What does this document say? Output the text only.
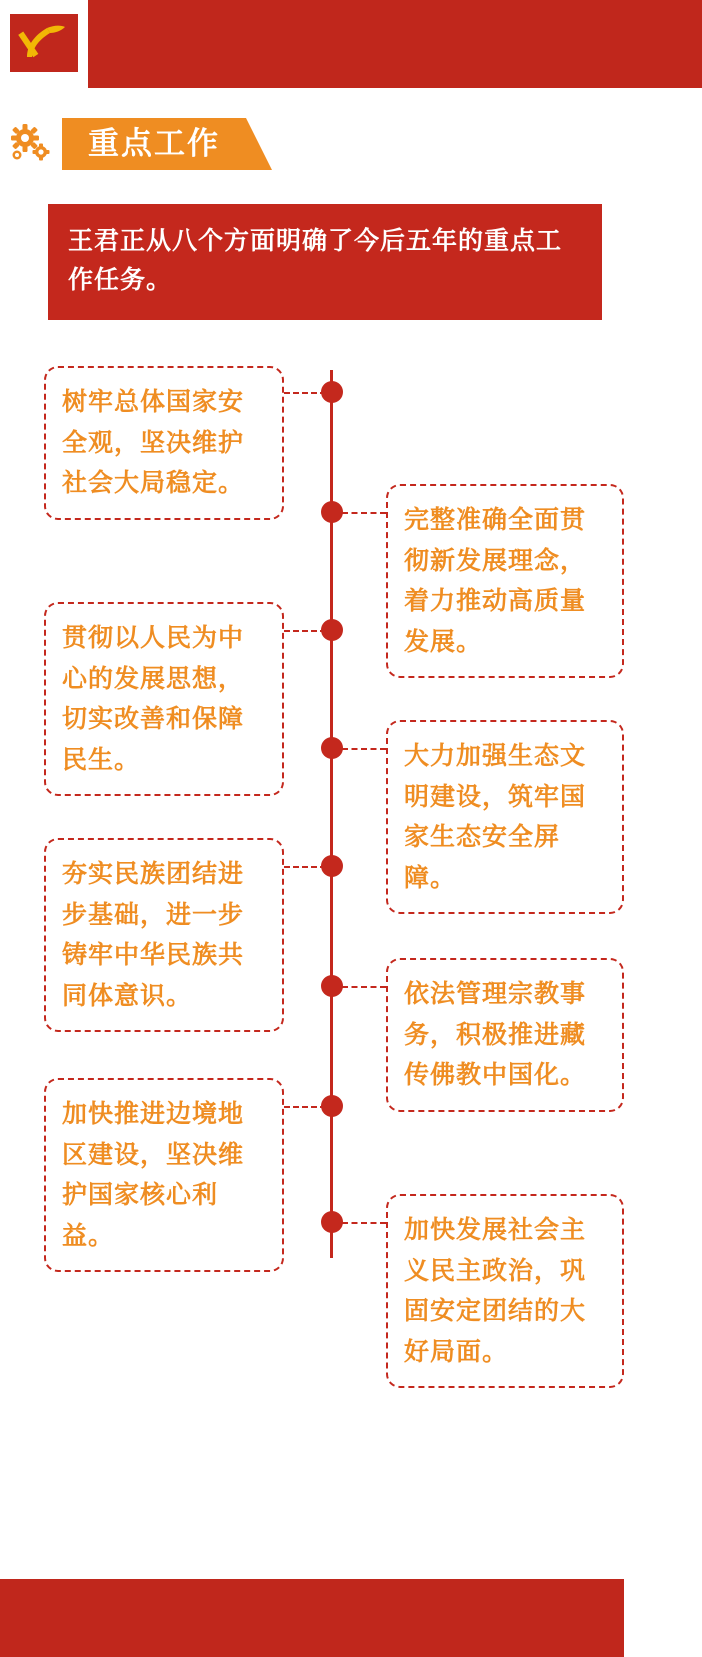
重点工作
王君正从八个方面明确了今后五年的重点工作任务。
树牢总体国家安全观，坚决维护社会大局稳定。
完整准确全面贯彻新发展理念，着力推动高质量发展。
贯彻以人民为中心的发展思想，切实改善和保障民生。	大力加强生态文明建设，筑牢国家生态安全屏障。
夯实民族团结进步基础，进一步铸牢中华民族共同体意识。	依法管理宗教事务，积极推进藏传佛教中国化。
加快推进边境地区建设，坚决维护国家核心利益。	加快发展社会主义民主政治，巩固安定团结的大好局面。
